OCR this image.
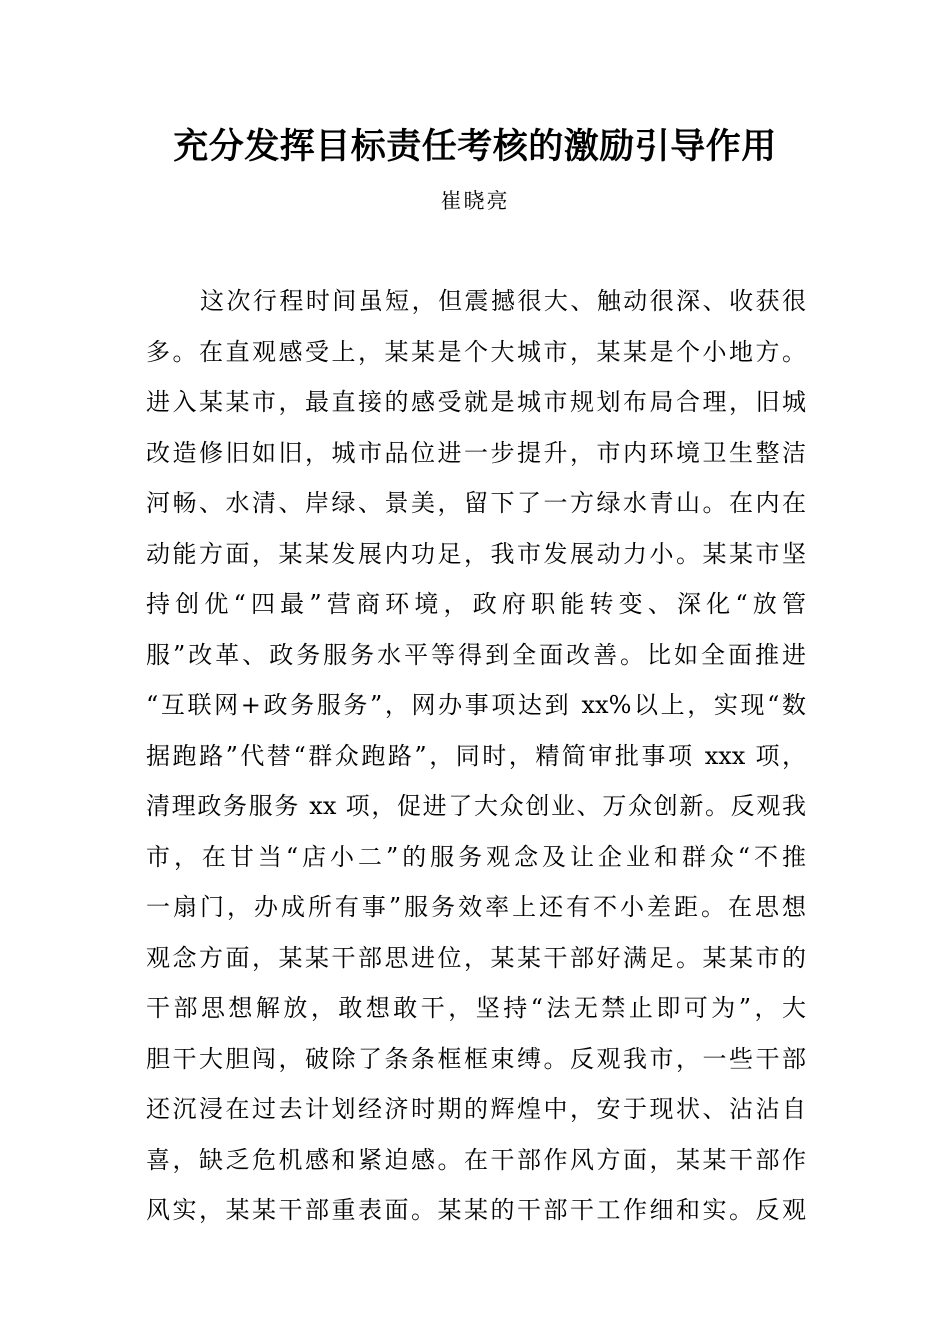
充分发挥目标责任考核的激励引导作用
崔晓亮
这次行程时间虽短，但震撼很大、触动很深、收获很
多。在直观感受上，某某是个大城市，某某是个小地方。
进入某某市，最直接的感受就是城市规划布局合理，旧城
改造修旧如旧，城市品位进一步提升，市内环境卫生整洁
河畅、水清、岸绿、景美，留下了一方绿水青山。在内在
动能方面，某某发展内功足，我市发展动力小。某某市坚
持创优“四最”营商环境，政府职能转变、深化“放管
服”改革、政务服务水平等得到全面改善。比如全面推进
“互联网+政务服务”，网办事项达到 xx%以上，实现“数
据跑路”代替“群众跑路”，同时，精简审批事项 xxx 项，
清理政务服务 xx 项，促进了大众创业、万众创新。反观我
市，在甘当“店小二”的服务观念及让企业和群众“不推
一扇门，办成所有事”服务效率上还有不小差距。在思想
观念方面，某某干部思进位，某某干部好满足。某某市的
干部思想解放，敢想敢干，坚持“法无禁止即可为”，大
胆干大胆闯，破除了条条框框束缚。反观我市，一些干部
还沉浸在过去计划经济时期的辉煌中，安于现状、沾沾自
喜，缺乏危机感和紧迫感。在干部作风方面，某某干部作
风实，某某干部重表面。某某的干部干工作细和实。反观
